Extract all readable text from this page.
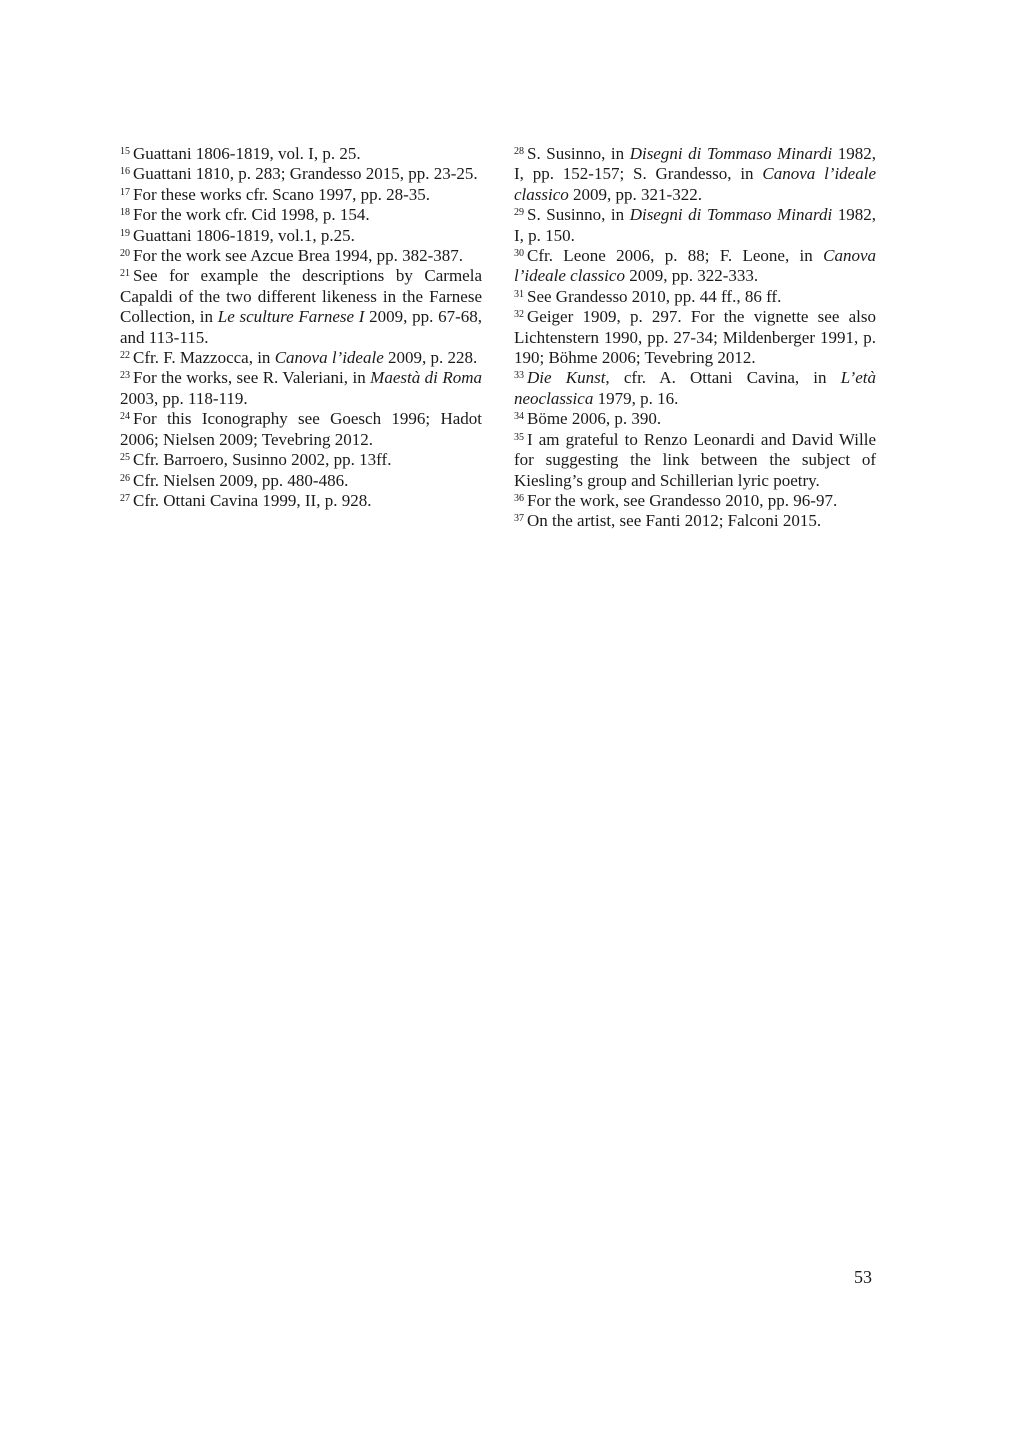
$^{15}$ Guattani 1806-1819, vol. I, p. 25.

$^{16}$ Guattani 1810, p. 283; Grandesso 2015, pp. 23-25.

$^{17}$ For these works cfr. Scano 1997, pp. 28-35.

$^{18}$ For the work cfr. Cid 1998, p. 154.

$^{19}$ Guattani 1806-1819, vol.1, p.25.

$^{20}$ For the work see Azcue Brea 1994, pp. 382-387.

$^{21}$ See for example the descriptions by Carmela Capaldi of the two different likeness in the Farnese Collection, in Le sculture Farnese I 2009, pp. 67-68, and 113-115.

$^{22}$ Cfr. F. Mazzocca, in Canova l’ideale 2009, p. 228.

$^{23}$ For the works, see R. Valeriani, in Maestà di Roma 2003, pp. 118-119.

$^{24}$ For this Iconography see Goesch 1996; Hadot 2006; Nielsen 2009; Tevebring 2012.

$^{25}$ Cfr. Barroero, Susinno 2002, pp. 13ff.

$^{26}$ Cfr. Nielsen 2009, pp. 480-486.

$^{27}$ Cfr. Ottani Cavina 1999, II, p. 928.

$^{28}$ S. Susinno, in Disegni di Tommaso Minardi 1982, I, pp. 152-157; S. Grandesso, in Canova l’ideale classico 2009, pp. 321-322.

$^{29}$ S. Susinno, in Disegni di Tommaso Minardi 1982, I, p. 150.

$^{30}$ Cfr. Leone 2006, p. 88; F. Leone, in Canova l’ideale classico 2009, pp. 322-333.

$^{31}$ See Grandesso 2010, pp. 44 ff., 86 ff.

$^{32}$ Geiger 1909, p. 297. For the vignette see also Lichtenstern 1990, pp. 27-34; Mildenberger 1991, p. 190; Böhme 2006; Tevebring 2012.

$^{33}$ Die Kunst, cfr. A. Ottani Cavina, in L’età neoclassica 1979, p. 16.

$^{34}$ Böme 2006, p. 390.

$^{35}$ I am grateful to Renzo Leonardi and David Wille for suggesting the link between the subject of Kiesling’s group and Schillerian lyric poetry.

$^{36}$ For the work, see Grandesso 2010, pp. 96-97.

$^{37}$ On the artist, see Fanti 2012; Falconi 2015.

53
